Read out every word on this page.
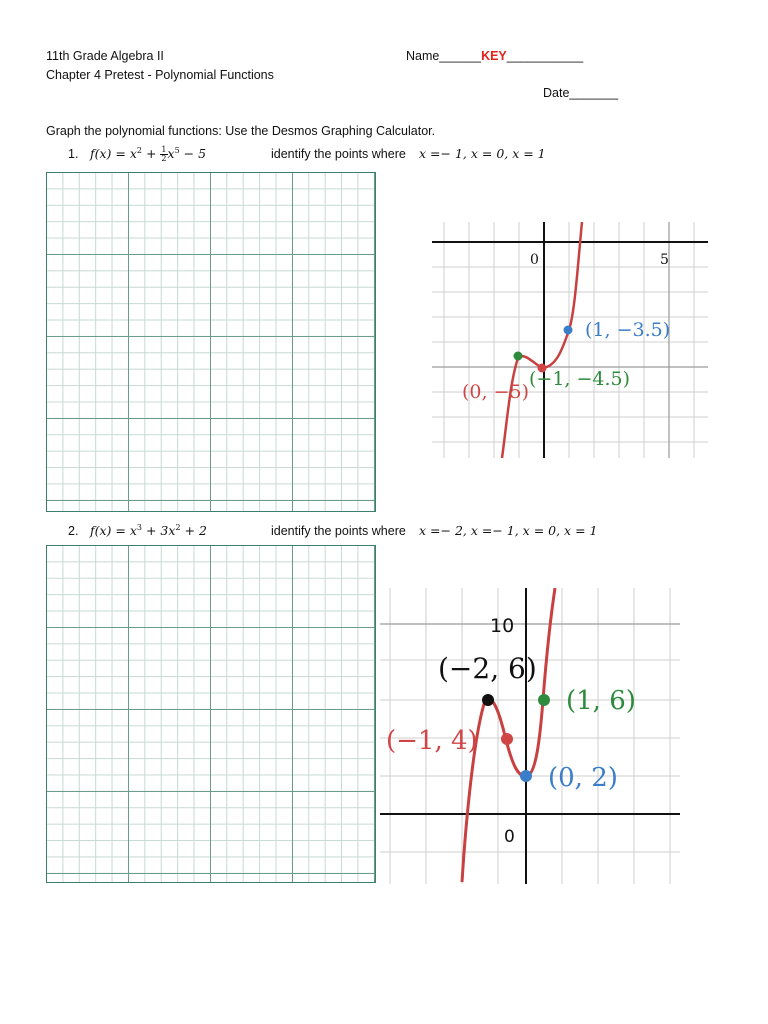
11th Grade Algebra II
Chapter 4 Pretest - Polynomial Functions
Name______KEY___________
Date_______
Graph the polynomial functions: Use the Desmos Graphing Calculator.
1. $f(x) = x^2 + \frac{1}{2} x^5 - 5$	identify the points where x =− 1, x = 0, x = 1
0	5
(1, −3.5)
(−1, −4.5)
(0, −5)
2. $f(x) = x^3 + 3x^2 + 2$	identify the points where x =− 2, x =− 1, x = 0, x = 1
10
0
(−2, 6)
(1, 6)
(−1, 4)
(0, 2)
